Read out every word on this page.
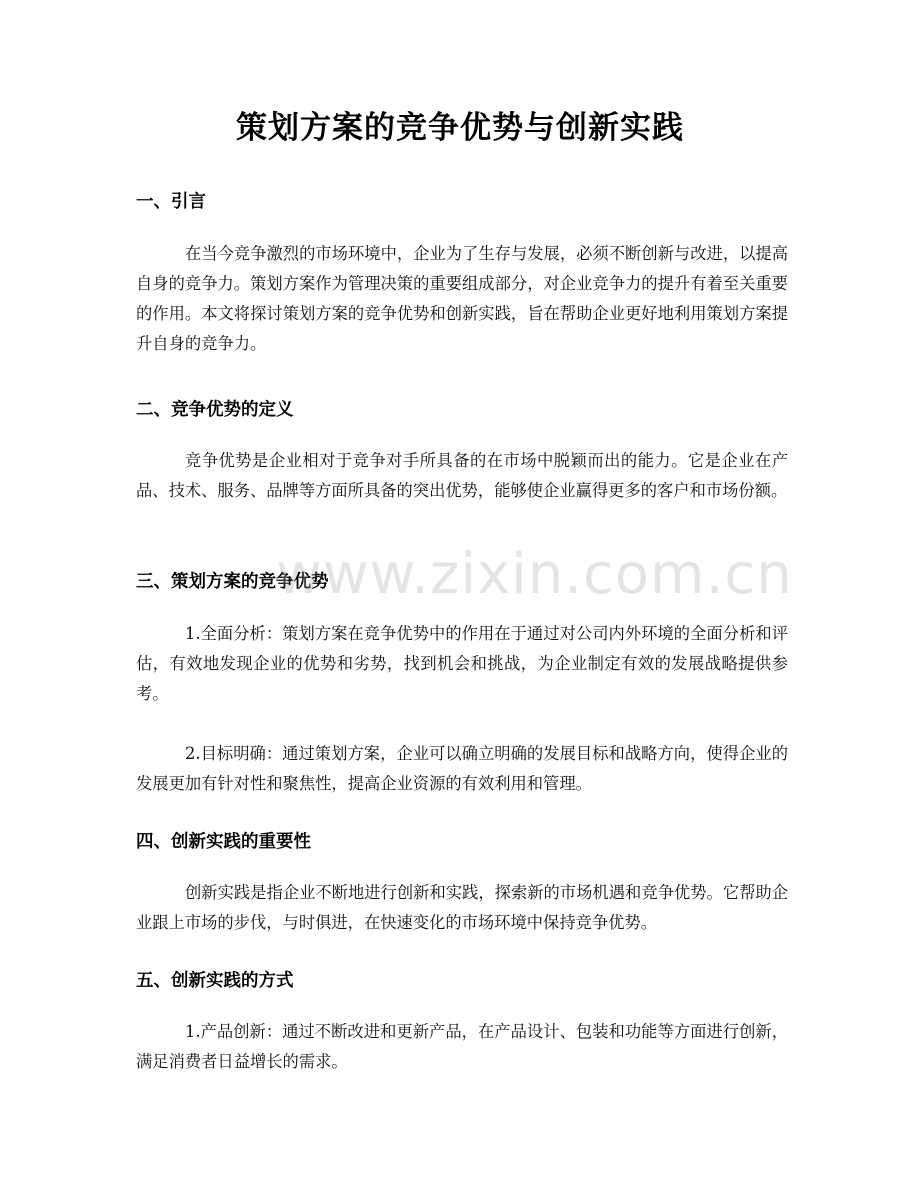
策划方案的竞争优势与创新实践
一、引言
在当今竞争激烈的市场环境中，企业为了生存与发展，必须不断创新与改进，以提高自身的竞争力。策划方案作为管理决策的重要组成部分，对企业竞争力的提升有着至关重要的作用。本文将探讨策划方案的竞争优势和创新实践，旨在帮助企业更好地利用策划方案提升自身的竞争力。
二、竞争优势的定义
竞争优势是企业相对于竞争对手所具备的在市场中脱颖而出的能力。它是企业在产品、技术、服务、品牌等方面所具备的突出优势，能够使企业赢得更多的客户和市场份额。
三、策划方案的竞争优势
1.全面分析：策划方案在竞争优势中的作用在于通过对公司内外环境的全面分析和评估，有效地发现企业的优势和劣势，找到机会和挑战，为企业制定有效的发展战略提供参考。
2.目标明确：通过策划方案，企业可以确立明确的发展目标和战略方向，使得企业的发展更加有针对性和聚焦性，提高企业资源的有效利用和管理。
四、创新实践的重要性
创新实践是指企业不断地进行创新和实践，探索新的市场机遇和竞争优势。它帮助企业跟上市场的步伐，与时俱进，在快速变化的市场环境中保持竞争优势。
五、创新实践的方式
1.产品创新：通过不断改进和更新产品，在产品设计、包装和功能等方面进行创新，满足消费者日益增长的需求。
www.zixin.com.cn
